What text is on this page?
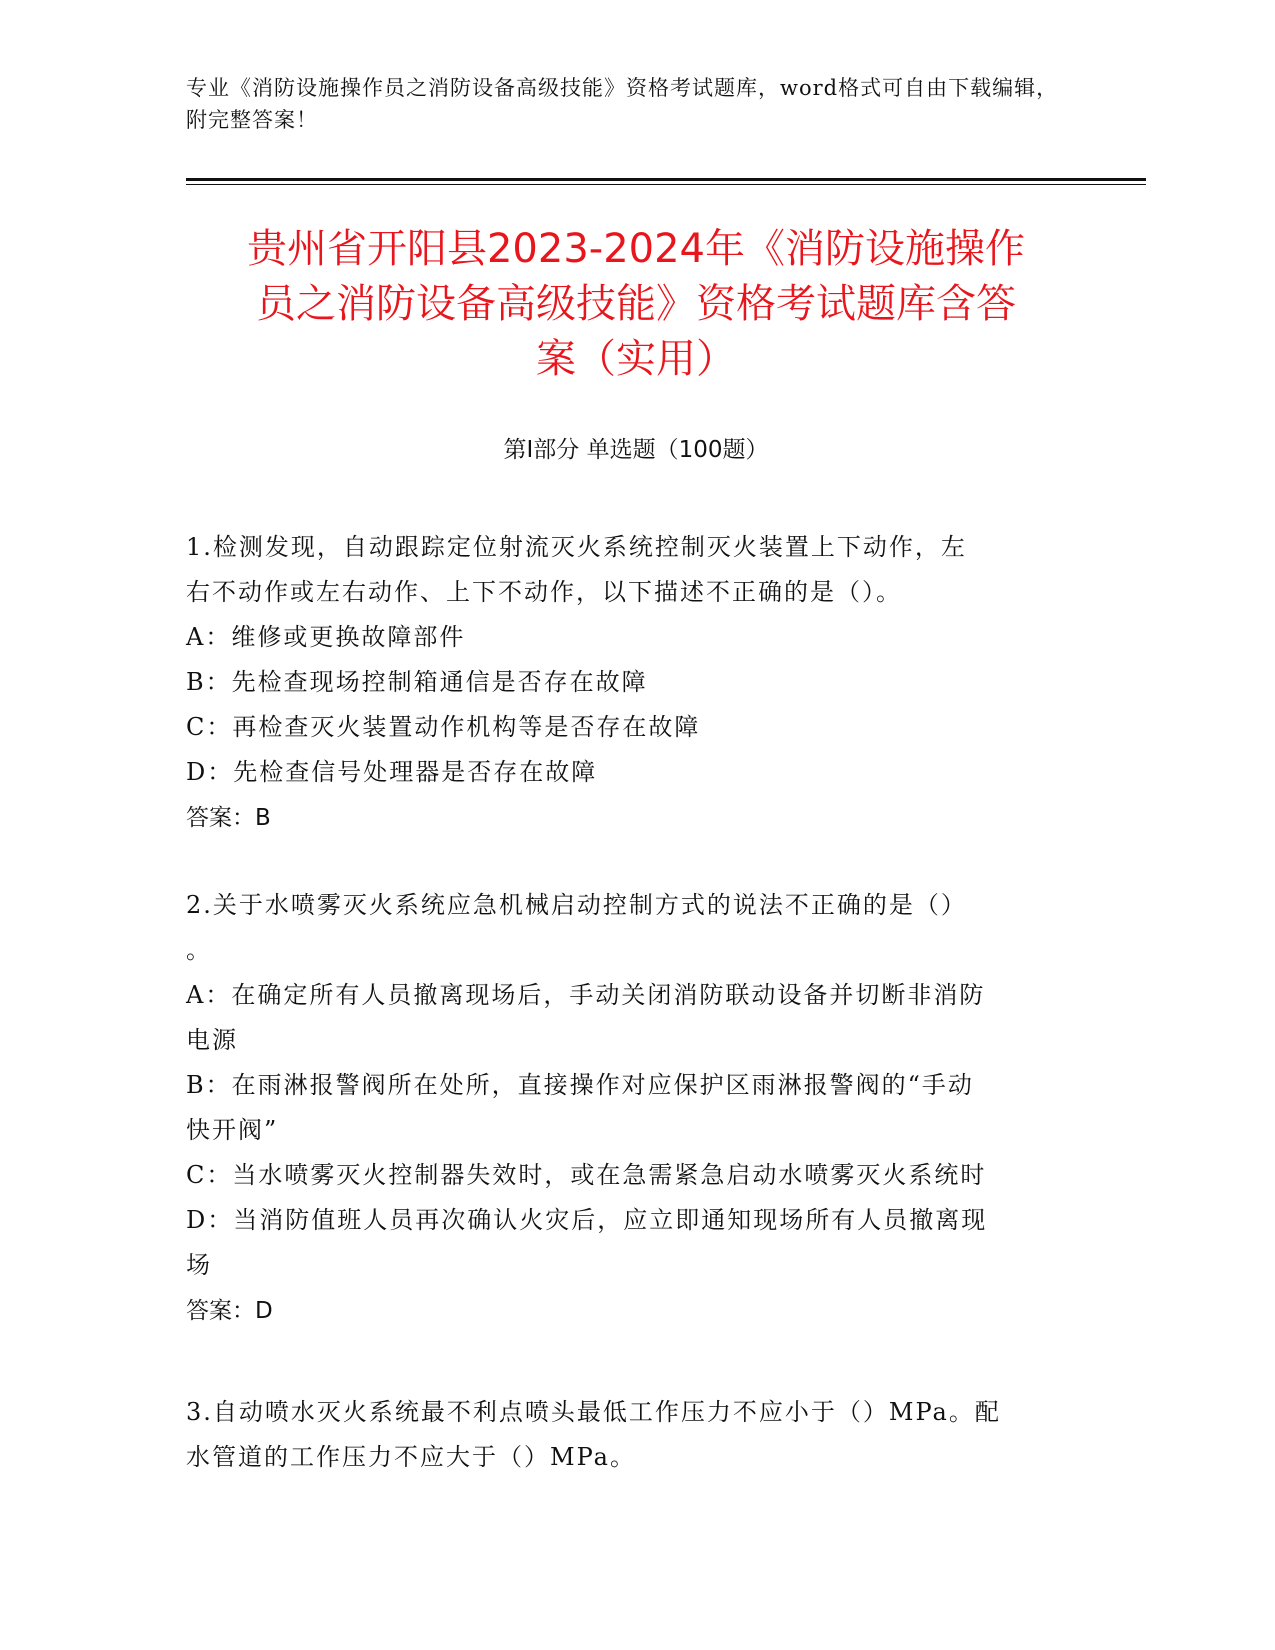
专业《消防设施操作员之消防设备高级技能》资格考试题库，word格式可自由下载编辑，附完整答案！
贵州省开阳县2023-2024年《消防设施操作
员之消防设备高级技能》资格考试题库含答
案（实用）
第Ⅰ部分 单选题（100题）

1.检测发现，自动跟踪定位射流灭火系统控制灭火装置上下动作，左

右不动作或左右动作、上下不动作，以下描述不正确的是（）。

A：维修或更换故障部件

B：先检查现场控制箱通信是否存在故障

C：再检查灭火装置动作机构等是否存在故障

D：先检查信号处理器是否存在故障

答案：B

2.关于水喷雾灭火系统应急机械启动控制方式的说法不正确的是（）

。

A：在确定所有人员撤离现场后，手动关闭消防联动设备并切断非消防

电源

B：在雨淋报警阀所在处所，直接操作对应保护区雨淋报警阀的“手动

快开阀”

C：当水喷雾灭火控制器失效时，或在急需紧急启动水喷雾灭火系统时

D：当消防值班人员再次确认火灾后，应立即通知现场所有人员撤离现

场

答案：D

3.自动喷水灭火系统最不利点喷头最低工作压力不应小于（）MPa。配

水管道的工作压力不应大于（）MPa。
